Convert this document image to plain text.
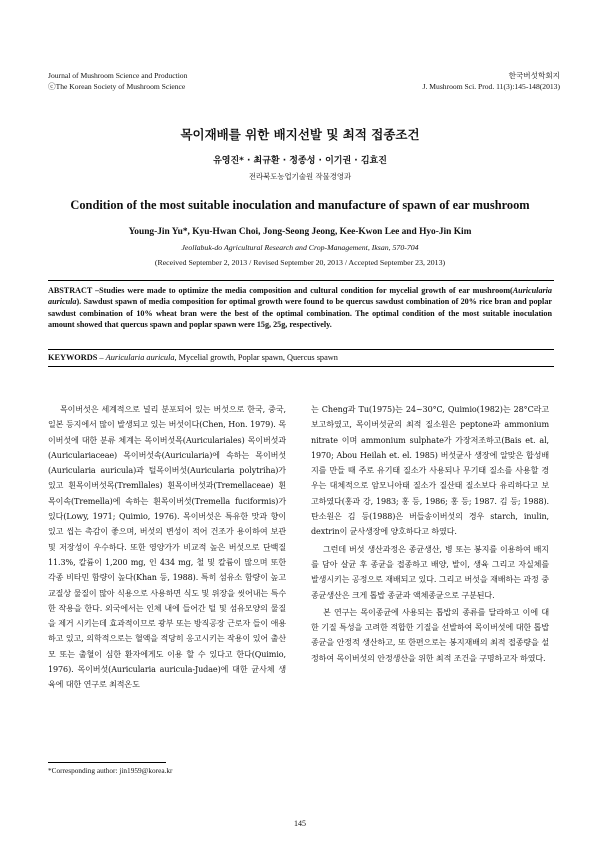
Journal of Mushroom Science and Production
ⓒThe Korean Society of Mushroom Science
한국버섯학회지
J. Mushroom Sci. Prod. 11(3):145-148(2013)
목이재배를 위한 배지선발 및 최적 접종조건
유영진* · 최규환 · 정종성 · 이기권 · 김효진
전라북도농업기술원 작물경영과
Condition of the most suitable inoculation and manufacture of spawn of ear mushroom
Young-Jin Yu*, Kyu-Hwan Choi, Jong-Seong Jeong, Kee-Kwon Lee and Hyo-Jin Kim
Jeollabuk-do Agricultural Research and Crop-Management, Iksan, 570-704
(Received September 2, 2013 / Revised September 20, 2013 / Accepted September 23, 2013)
ABSTRACT –Studies were made to optimize the media composition and cultural condition for mycelial growth of ear mushroom(Auricularia auricula). Sawdust spawn of media composition for optimal growth were found to be quercus sawdust combination of 20% rice bran and poplar sawdust combination of 10% wheat bran were the best of the optimal combination. The optimal condition of the most suitable inoculation amount showed that quercus spawn and poplar spawn were 15g, 25g, respectively.
KEYWORDS – Auricularia auricula, Mycelial growth, Poplar spawn, Quercus spawn

목이버섯은 세계적으로 널리 분포되어 있는 버섯으로 한국, 중국, 일본 등지에서 많이 발생되고 있는 버섯이다(Chen, Hon. 1979). 목이버섯에 대한 분류 체계는 목이버섯목(Auriculariales) 목이버섯과(Auriculariaceae) 목이버섯속(Auricularia)에 속하는 목이버섯(Auricularia auricula)과 털목이버섯(Auricularia polytriha)가 있고 흰목이버섯목(Tremllales) 흰목이버섯과(Tremellaceae) 흰목이속(Tremella)에 속하는 흰목이버섯(Tremella fuciformis)가 있다(Lowy, 1971; Quimio, 1976). 목이버섯은 특유한 맛과 향이 있고 씹는 촉감이 좋으며, 버섯의 변성이 적어 건조가 용이하여 보관 및 저장성이 우수하다. 또한 영양가가 비교적 높은 버섯으로 단백질 11.3%, 칼륨이 1,200 mg, 인 434 mg, 철 및 칼륨이 많으며 또한 각종 비타민 함량이 높다(Khan 등, 1988). 특히 섬유소 함량이 높고 교질상 물질이 많아 식용으로 사용하면 식도 및 위장을 씻어내는 특수한 작용을 한다. 외국에서는 인체 내에 들어간 털 및 섬유모양의 물질을 제거 시키는데 효과적이므로 광부 또는 방직공장 근로자 들이 애용하고 있고, 의학적으로는 혈액을 적당히 응고시키는 작용이 있어 출산모 또는 출혈이 심한 환자에게도 이용 할 수 있다고 한다(Quimio, 1976). 목이버섯(Auricularia auricula-Judae)에 대한 균사체 생육에 대한 연구로 최적온도

는 Cheng과 Tu(1975)는 24~30°C, Quimio(1982)는 28°C라고 보고하였고, 목이버섯균의 최적 질소원은 peptone과 ammonium nitrate 이며 ammonium sulphate가 가장저조하고(Bais et. al, 1970; Abou Heilah et. el. 1985) 버섯균사 생장에 알맞은 합성배지를 만들 때 주로 유기태 질소가 사용되나 무기태 질소를 사용할 경우는 대체적으로 암모니아태 질소가 질산태 질소보다 유리하다고 보고하였다(홍과 강, 1983; 홍 등, 1986; 홍 등; 1987. 김 등; 1988). 탄소원은 김 등(1988)은 버들송이버섯의 경우 starch, inulin, dextrin이 균사생장에 양호하다고 하였다.

그런데 버섯 생산과정은 종균생산, 병 또는 봉지를 이용하여 배지를 담아 살균 후 종균을 접종하고 배양, 발이, 생육 그리고 자실체를 발생시키는 공정으로 재배되고 있다. 그리고 버섯을 재배하는 과정 중 종균생산은 크게 톱밥 종균과 액체종균으로 구분된다.

본 연구는 목이종균에 사용되는 톱밥의 종류를 달라하고 이에 대한 기질 특성을 고려한 적합한 기질을 선발하여 목이버섯에 대한 톱밥종균을 안정적 생산하고, 또 한편으로는 봉지재배의 최적 접종량을 설정하여 목이버섯의 안정생산을 위한 최적 조건을 구명하고자 하였다.

*Corresponding author: jin1959@korea.kr
145
